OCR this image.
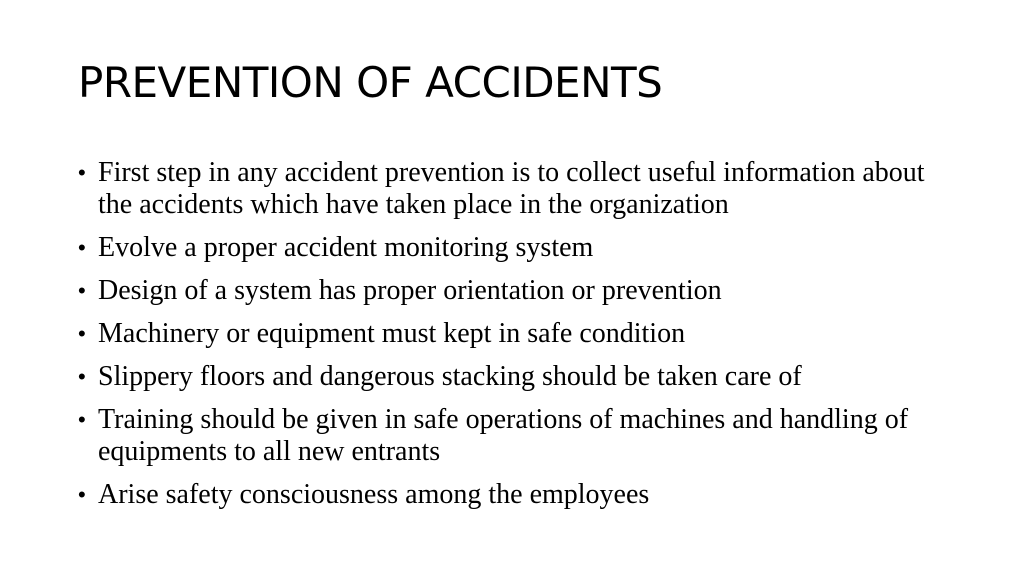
PREVENTION OF ACCIDENTS
• First step in any accident prevention is to collect useful information about the accidents which have taken place in the organization
• Evolve a proper accident monitoring system
• Design of a system has proper orientation or prevention
• Machinery or equipment must kept in safe condition
• Slippery floors and dangerous stacking should be taken care of
• Training should be given in safe operations of machines and handling of equipments to all new entrants
• Arise safety consciousness among the employees
